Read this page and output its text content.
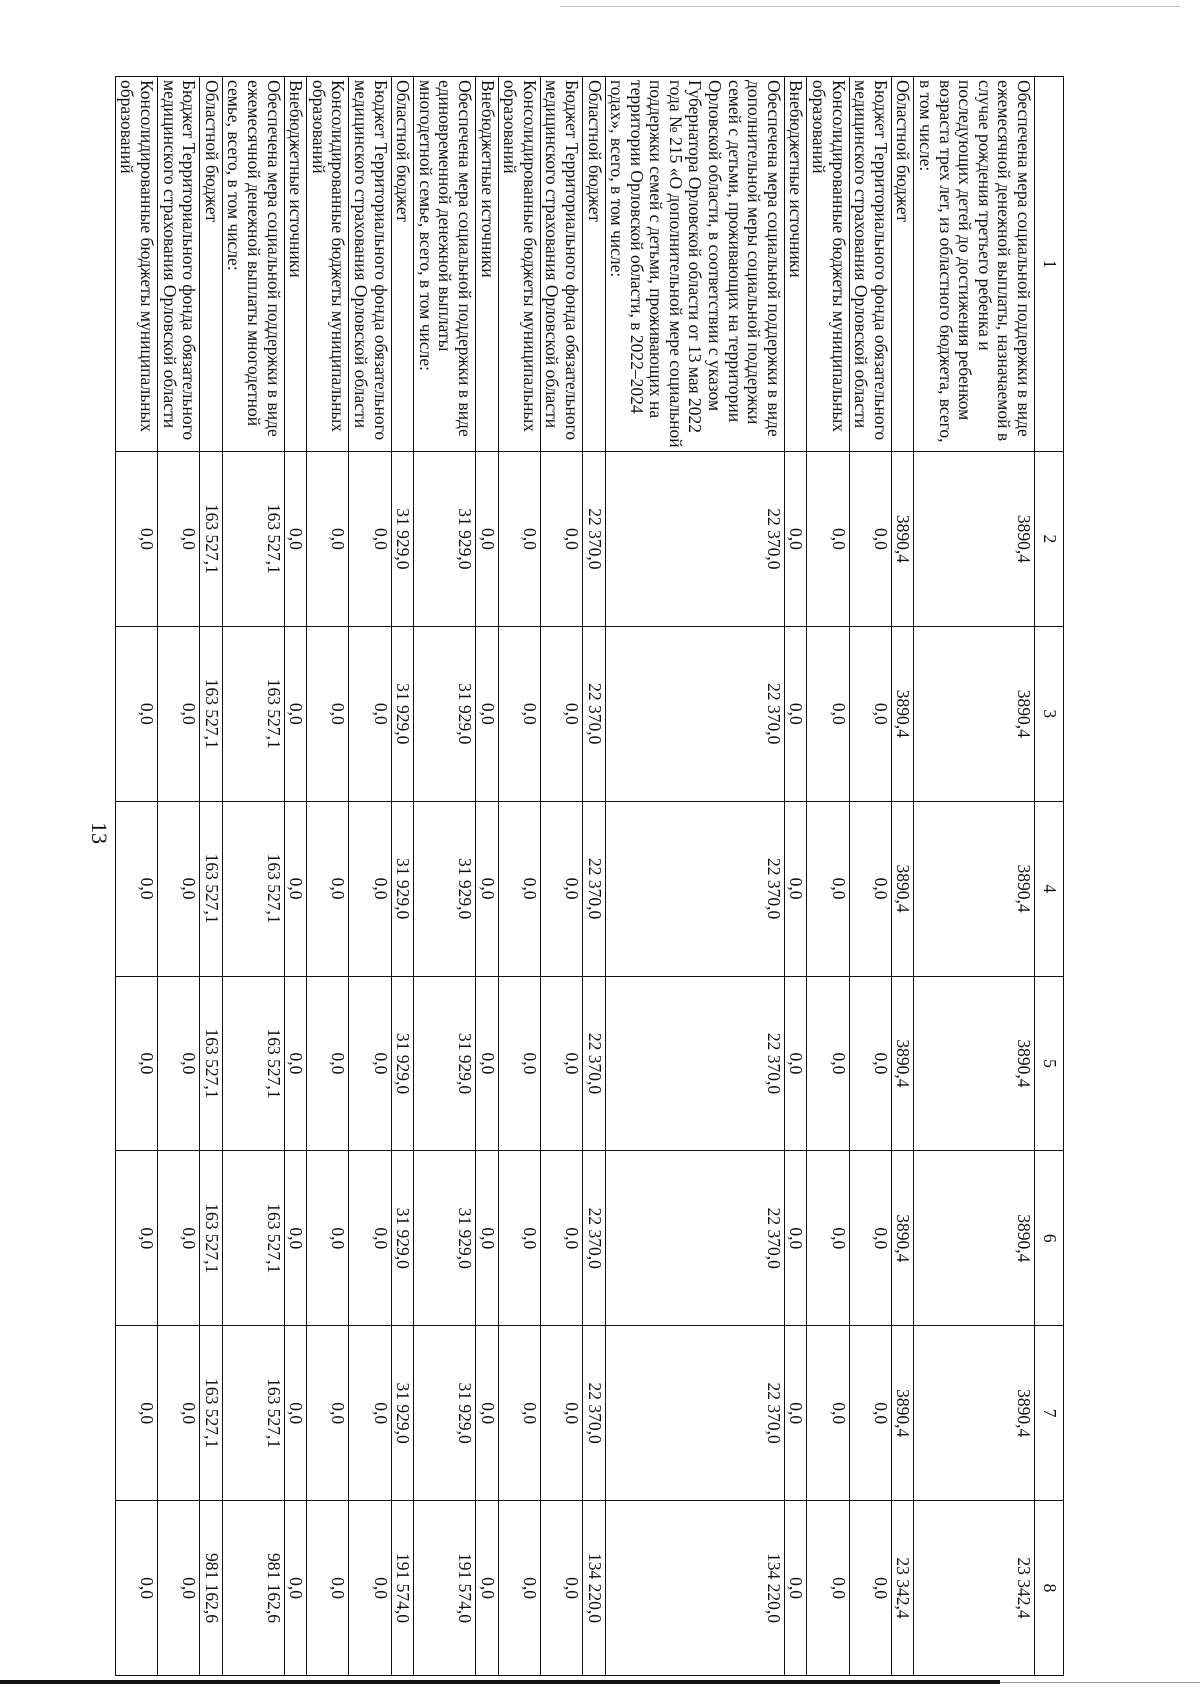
13
1	2	3	4	5	6	7	8
Обеспечена мера социальной поддержки в виде ежемесячной денежной выплаты, назначаемой в случае рождения третьего ребенка и последующих детей до достижения ребенком возраста трех лет, из областного бюджета, всего, в том числе:	3890,4	3890,4	3890,4	3890,4	3890,4	3890,4	23 342,4
Областной бюджет	3890,4	3890,4	3890,4	3890,4	3890,4	3890,4	23 342,4
Бюджет Территориального фонда обязательного медицинского страхования Орловской области	0,0	0,0	0,0	0,0	0,0	0,0	0,0
Консолидированные бюджеты муниципальных образований	0,0	0,0	0,0	0,0	0,0	0,0	0,0
Внебюджетные источники	0,0	0,0	0,0	0,0	0,0	0,0	0,0
Обеспечена мера социальной поддержки в виде дополнительной меры социальной поддержки семей с детьми, проживающих на территории Орловской области, в соответствии с указом Губернатора Орловской области от 13 мая 2022 года № 215 «О дополнительной мере социальной поддержки семей с детьми, проживающих на территории Орловской области, в 2022–2024 годах», всего, в том числе:	22 370,0	22 370,0	22 370,0	22 370,0	22 370,0	22 370,0	134 220,0
Областной бюджет	22 370,0	22 370,0	22 370,0	22 370,0	22 370,0	22 370,0	134 220,0
Бюджет Территориального фонда обязательного медицинского страхования Орловской области	0,0	0,0	0,0	0,0	0,0	0,0	0,0
Консолидированные бюджеты муниципальных образований	0,0	0,0	0,0	0,0	0,0	0,0	0,0
Внебюджетные источники	0,0	0,0	0,0	0,0	0,0	0,0	0,0
Обеспечена мера социальной поддержки в виде единовременной денежной выплаты многодетной семье, всего, в том числе:	31 929,0	31 929,0	31 929,0	31 929,0	31 929,0	31 929,0	191 574,0
Областной бюджет	31 929,0	31 929,0	31 929,0	31 929,0	31 929,0	31 929,0	191 574,0
Бюджет Территориального фонда обязательного медицинского страхования Орловской области	0,0	0,0	0,0	0,0	0,0	0,0	0,0
Консолидированные бюджеты муниципальных образований	0,0	0,0	0,0	0,0	0,0	0,0	0,0
Внебюджетные источники	0,0	0,0	0,0	0,0	0,0	0,0	0,0
Обеспечена мера социальной поддержки в виде ежемесячной денежной выплаты многодетной семье, всего, в том числе:	163 527,1	163 527,1	163 527,1	163 527,1	163 527,1	163 527,1	981 162,6
Областной бюджет	163 527,1	163 527,1	163 527,1	163 527,1	163 527,1	163 527,1	981 162,6
Бюджет Территориального фонда обязательного медицинского страхования Орловской области	0,0	0,0	0,0	0,0	0,0	0,0	0,0
Консолидированные бюджеты муниципальных образований	0,0	0,0	0,0	0,0	0,0	0,0	0,0
